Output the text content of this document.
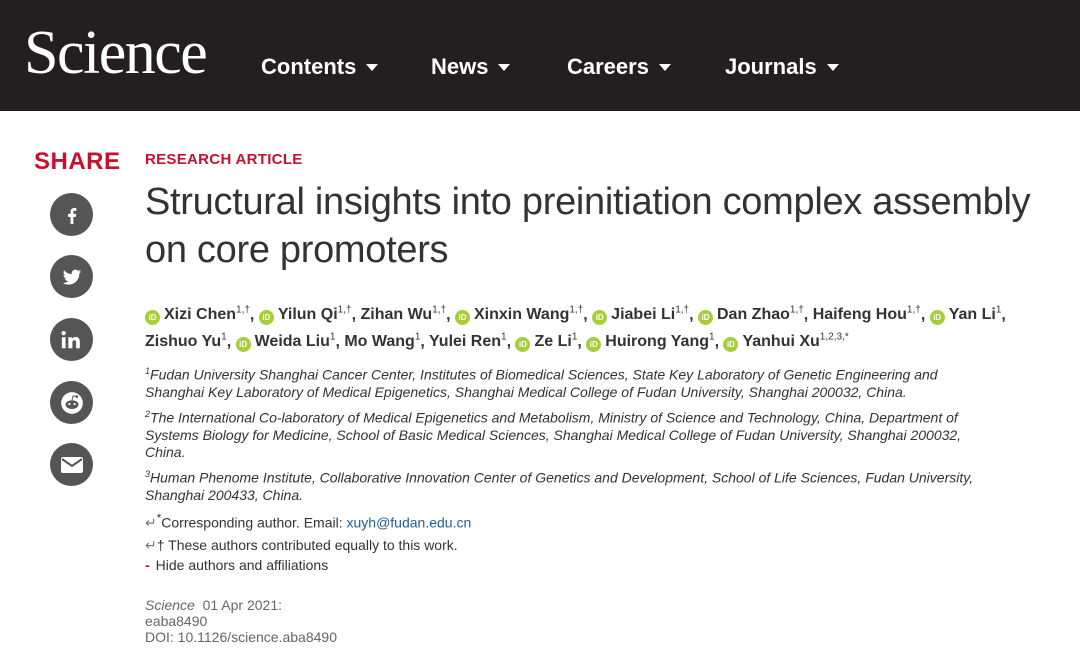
Science Contents	News	Careers	Journals
SHARE RESEARCH ARTICLE
Structural insights into preinitiation complex assembly
on core promoters
iD Xizi Chen$^{1,\dagger}$, iD Yilun $Qi^{1,\dagger}$, Zihan $Wu^{1,\dagger}$, iD Xinxin Wang$^{1,\dagger}$, iD Jiabei $Li^{1,\dagger}$, iD Dan Zhao$^{1,\dagger}$, Haifeng Hou$^{1,\dagger}$, iD Yan Li$^1$,
Zishuo Yu$^1$, iD Weida Liu$^1$, Mo Wang$^1$, Yulei Ren$^1$, iD Ze Li$^1$, iD Huirong Yang$^1$, iD Yanhui $Xu^{1,2,3,*}$
$^1$Fudan University Shanghai Cancer Center, Institutes of Biomedical Sciences, State Key Laboratory of Genetic Engineering and
Shanghai Key Laboratory of Medical Epigenetics, Shanghai Medical College of Fudan University, Shanghai 200032, China.
$^2$The International Co-laboratory of Medical Epigenetics and Metabolism, Ministry of Science and Technology, China, Department of
Systems Biology for Medicine, School of Basic Medical Sciences, Shanghai Medical College of Fudan University, Shanghai 200032,
China.
$^3$Human Phenome Institute, Collaborative Innovation Center of Genetics and Development, School of Life Sciences, Fudan University,
Shanghai 200433, China.
↵*Corresponding author. Email: xuyh@fudan.edu.cn
↵† These authors contributed equally to this work.
- Hide authors and affiliations
Science 01 Apr 2021:
eaba8490
DOI: 10.1126/science.aba8490
